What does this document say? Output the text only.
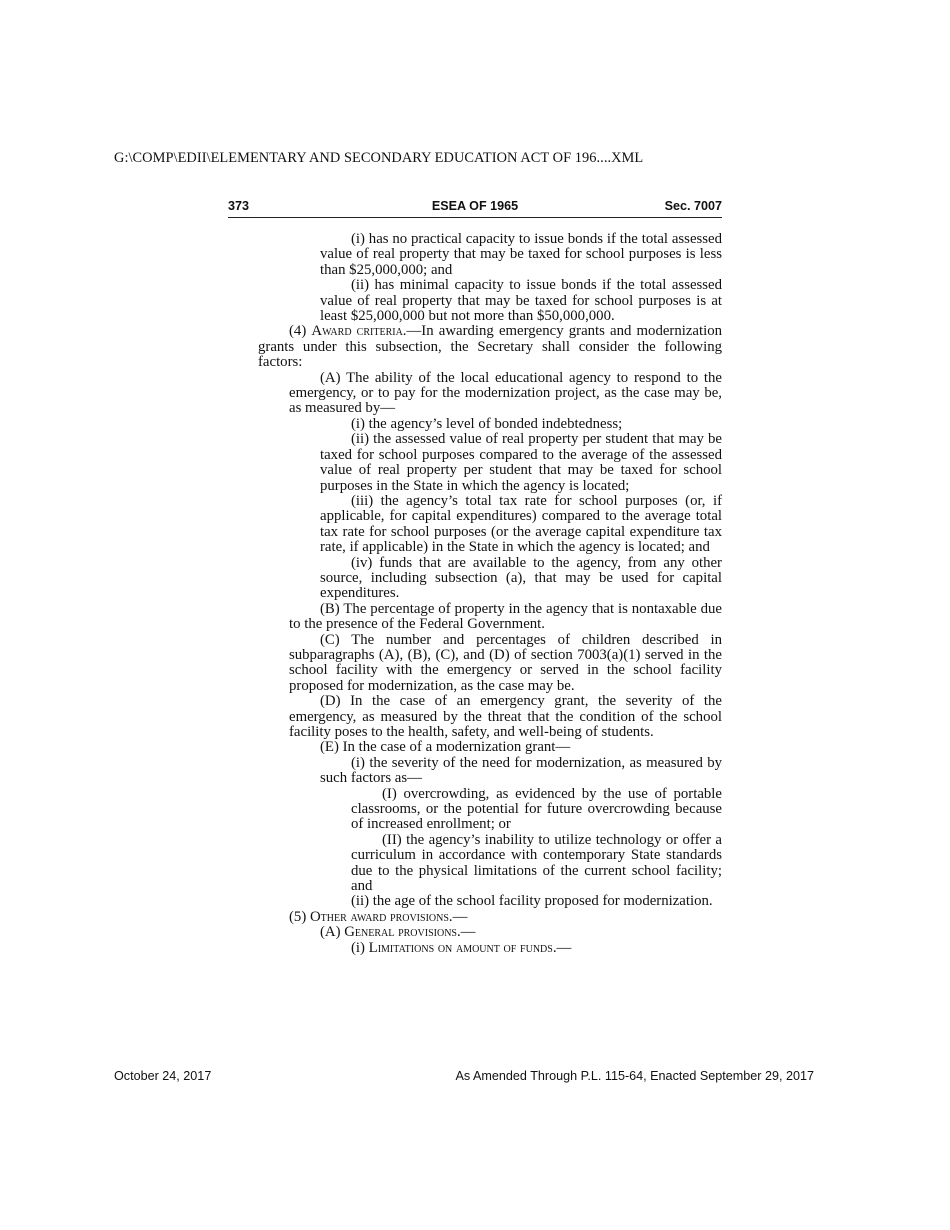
G:\COMP\EDII\ELEMENTARY AND SECONDARY EDUCATION ACT OF 196....XML
ESEA OF 1965
373	Sec. 7007

(i) has no practical capacity to issue bonds if the total assessed value of real property that may be taxed for school purposes is less than $25,000,000; and

(ii) has minimal capacity to issue bonds if the total assessed value of real property that may be taxed for school purposes is at least $25,000,000 but not more than $50,000,000.

(4) Award criteria.—In awarding emergency grants and modernization grants under this subsection, the Secretary shall consider the following factors:

(A) The ability of the local educational agency to respond to the emergency, or to pay for the modernization project, as the case may be, as measured by—

(i) the agency’s level of bonded indebtedness;

(ii) the assessed value of real property per student that may be taxed for school purposes compared to the average of the assessed value of real property per student that may be taxed for school purposes in the State in which the agency is located;

(iii) the agency’s total tax rate for school purposes (or, if applicable, for capital expenditures) compared to the average total tax rate for school purposes (or the average capital expenditure tax rate, if applicable) in the State in which the agency is located; and

(iv) funds that are available to the agency, from any other source, including subsection (a), that may be used for capital expenditures.

(B) The percentage of property in the agency that is nontaxable due to the presence of the Federal Government.

(C) The number and percentages of children described in subparagraphs (A), (B), (C), and (D) of section 7003(a)(1) served in the school facility with the emergency or served in the school facility proposed for modernization, as the case may be.

(D) In the case of an emergency grant, the severity of the emergency, as measured by the threat that the condition of the school facility poses to the health, safety, and well-being of students.

(E) In the case of a modernization grant—

(i) the severity of the need for modernization, as measured by such factors as—

(I) overcrowding, as evidenced by the use of portable classrooms, or the potential for future overcrowding because of increased enrollment; or

(II) the agency’s inability to utilize technology or offer a curriculum in accordance with contemporary State standards due to the physical limitations of the current school facility; and

(ii) the age of the school facility proposed for modernization.

(5) Other award provisions.—

(A) General provisions.—

(i) Limitations on amount of funds.—

October 24, 2017	As Amended Through P.L. 115-64, Enacted September 29, 2017
